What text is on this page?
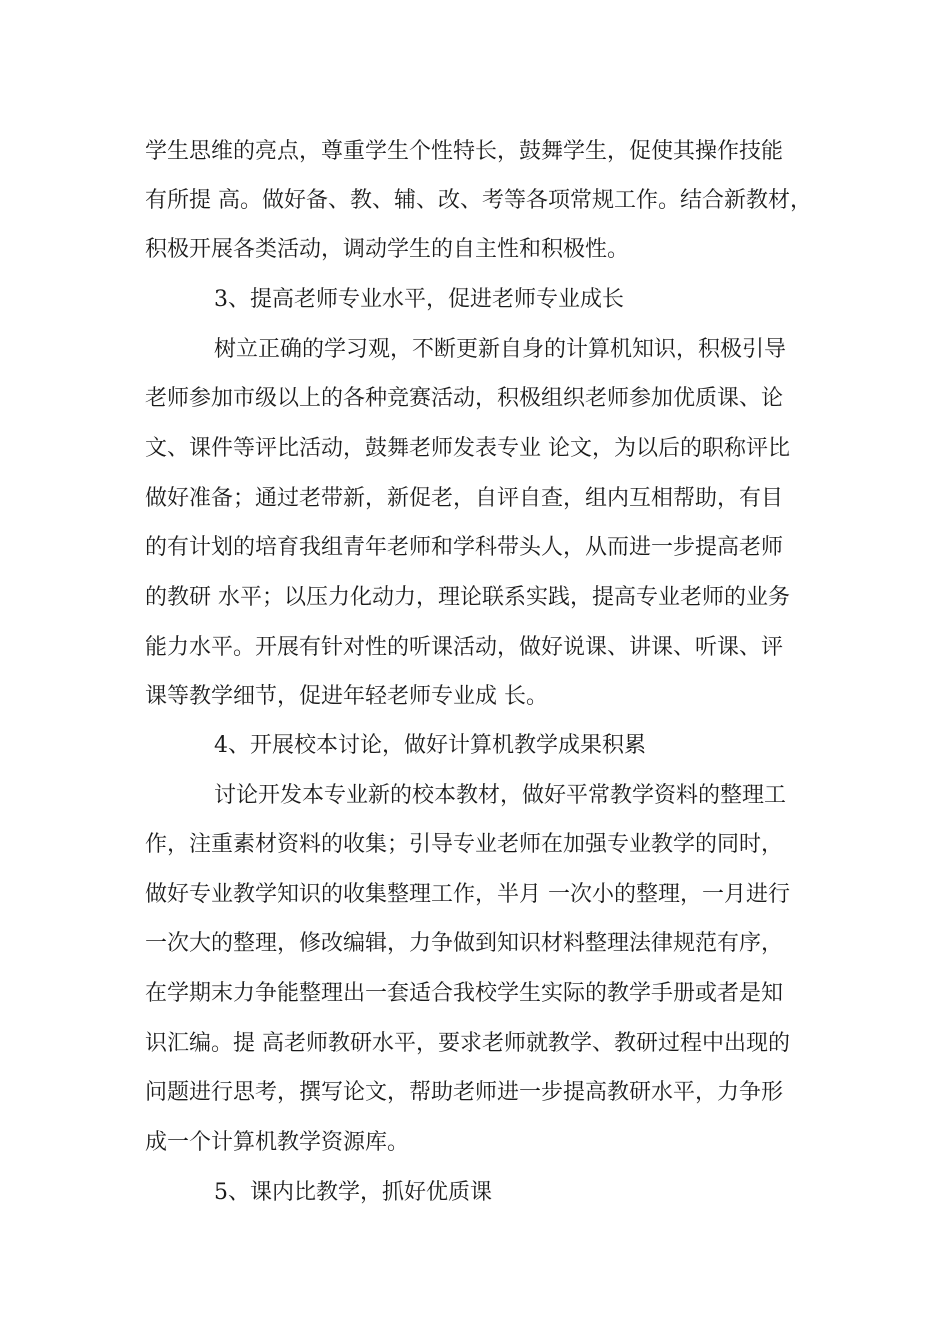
学生思维的亮点，尊重学生个性特长，鼓舞学生，促使其操作技能

有所提 高。做好备、教、辅、改、考等各项常规工作。结合新教材，

积极开展各类活动，调动学生的自主性和积极性。

3、提高老师专业水平，促进老师专业成长

树立正确的学习观，不断更新自身的计算机知识，积极引导

老师参加市级以上的各种竞赛活动，积极组织老师参加优质课、论

文、课件等评比活动，鼓舞老师发表专业 论文，为以后的职称评比

做好准备；通过老带新，新促老，自评自查，组内互相帮助，有目

的有计划的培育我组青年老师和学科带头人，从而进一步提高老师

的教研 水平；以压力化动力，理论联系实践，提高专业老师的业务

能力水平。开展有针对性的听课活动，做好说课、讲课、听课、评

课等教学细节，促进年轻老师专业成 长。

4、开展校本讨论，做好计算机教学成果积累

讨论开发本专业新的校本教材，做好平常教学资料的整理工

作，注重素材资料的收集；引导专业老师在加强专业教学的同时，

做好专业教学知识的收集整理工作，半月 一次小的整理，一月进行

一次大的整理，修改编辑，力争做到知识材料整理法律规范有序，

在学期末力争能整理出一套适合我校学生实际的教学手册或者是知

识汇编。提 高老师教研水平，要求老师就教学、教研过程中出现的

问题进行思考，撰写论文，帮助老师进一步提高教研水平，力争形

成一个计算机教学资源库。

5、课内比教学，抓好优质课
